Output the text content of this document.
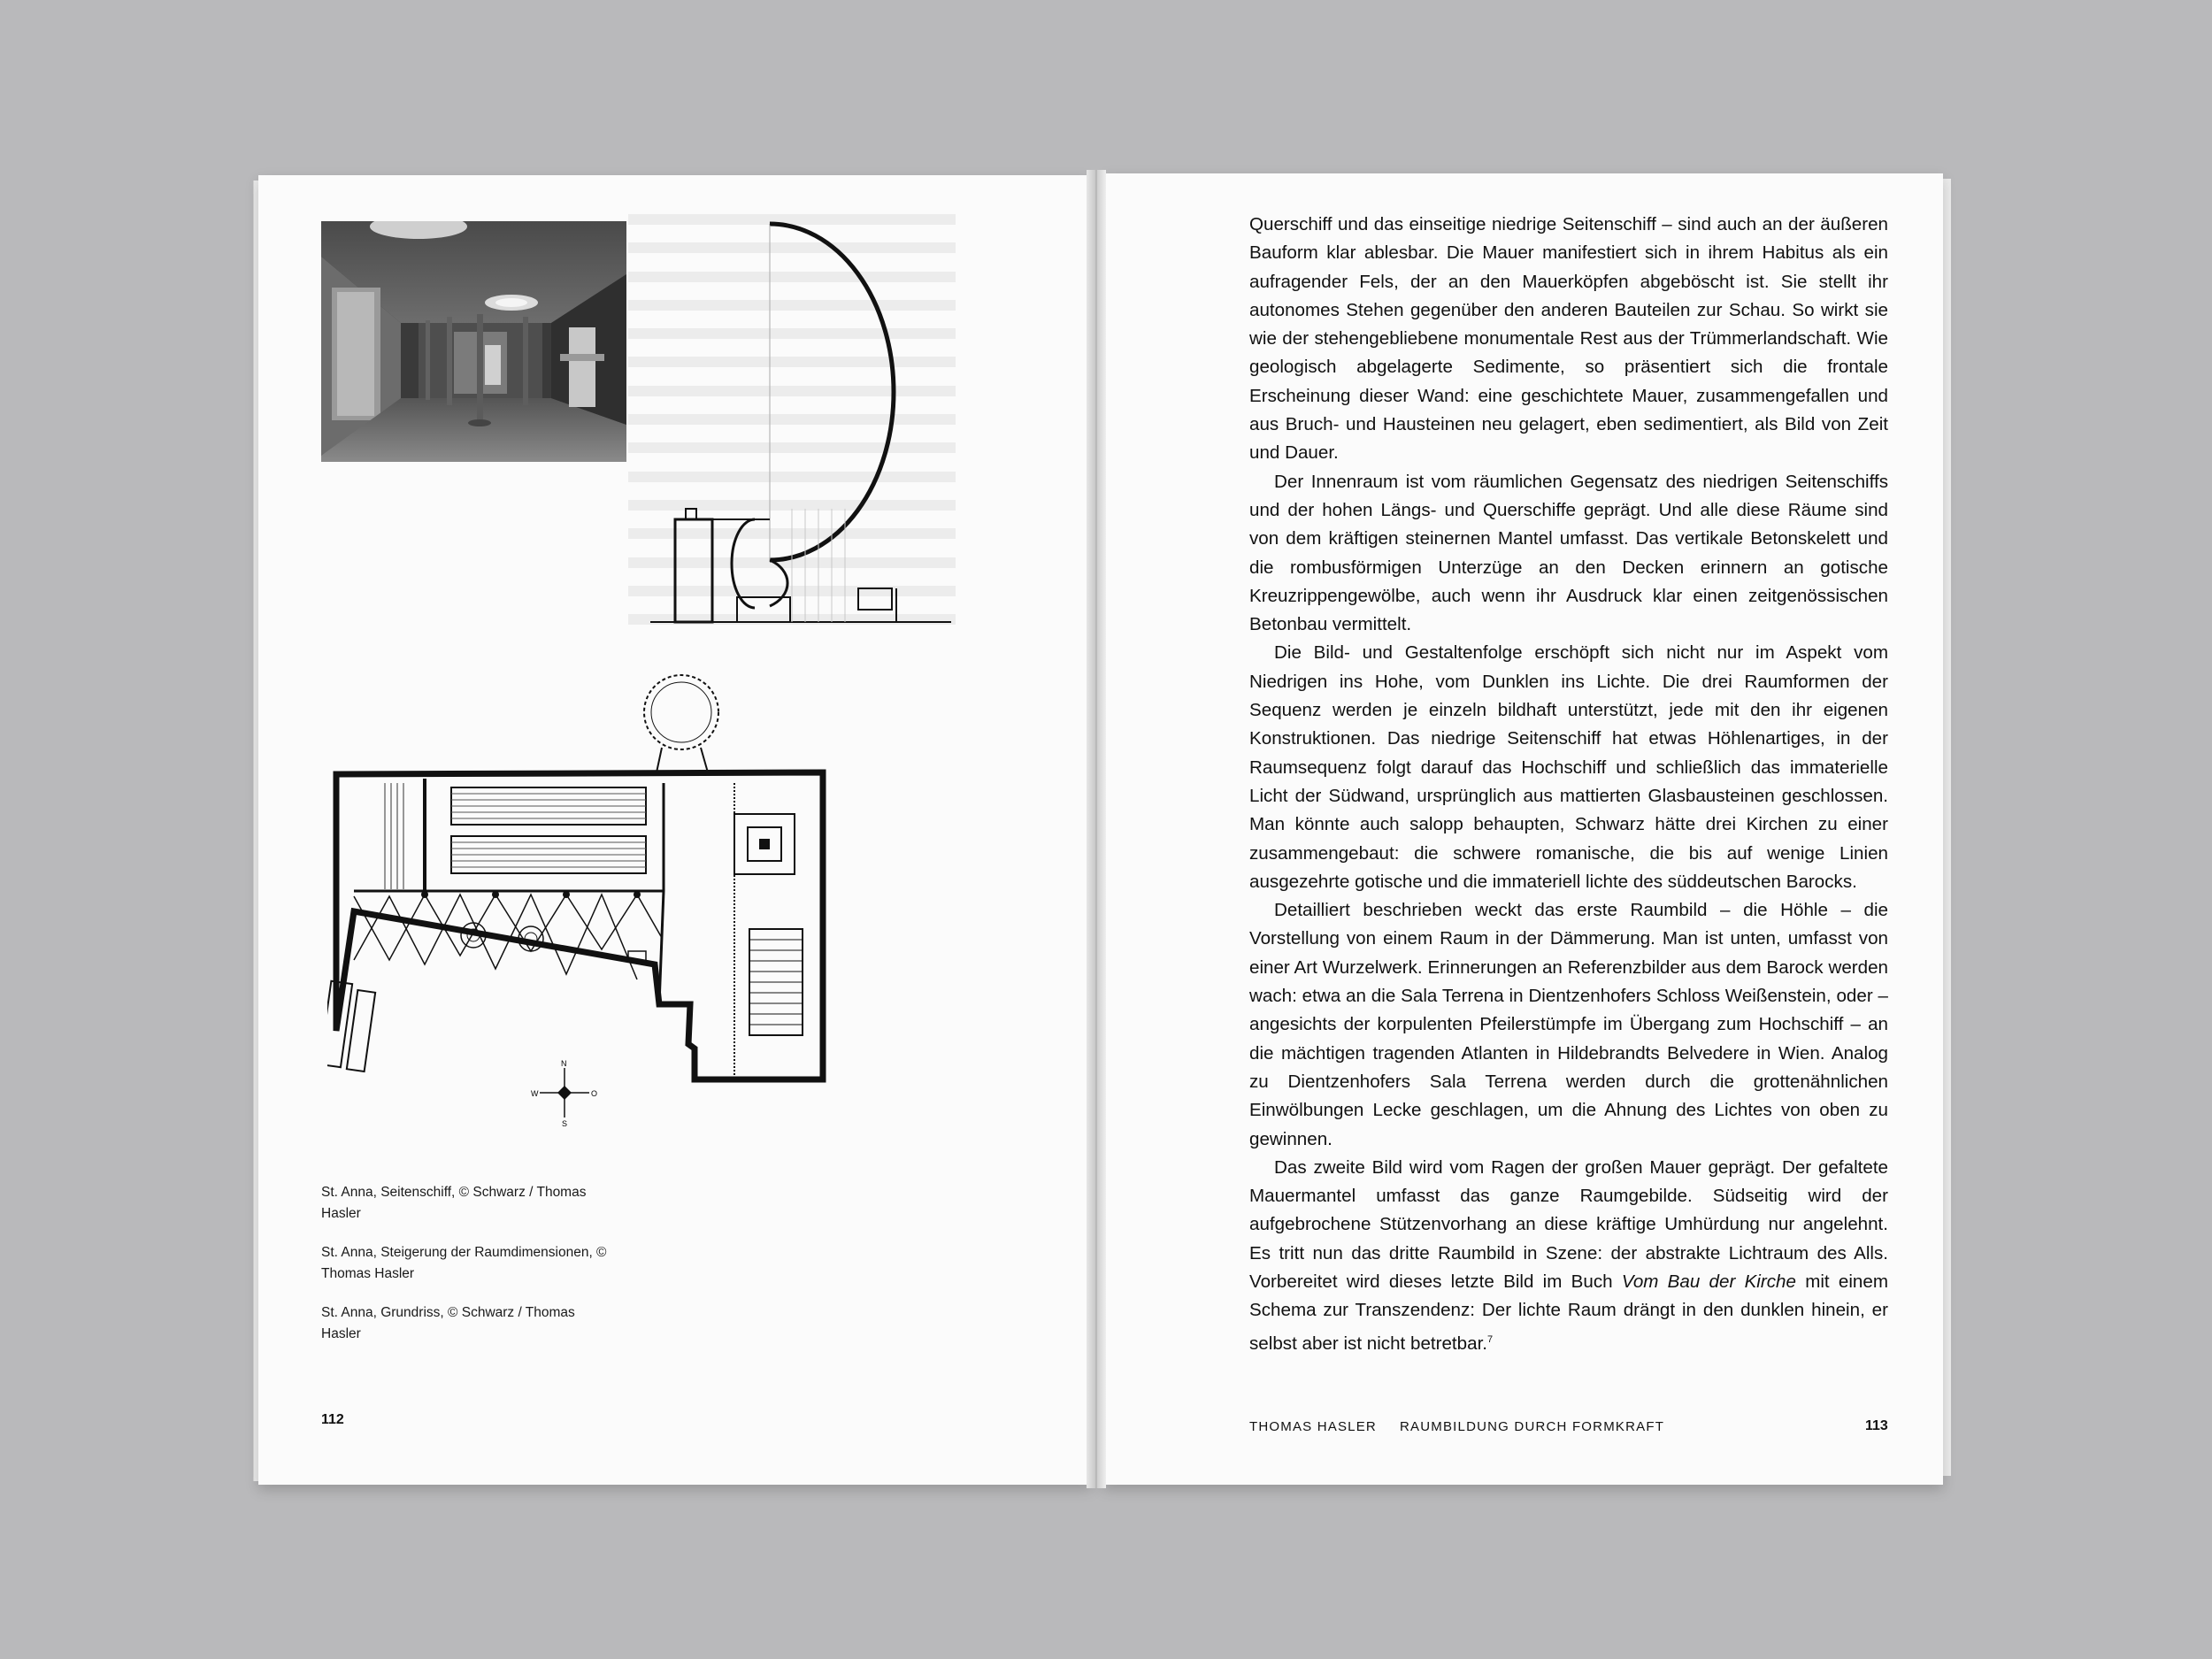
N
W	O
S
St. Anna, Seitenschiff, © Schwarz / Thomas Hasler
St. Anna, Steigerung der Raumdimensionen, © Thomas Hasler
St. Anna, Grundriss, © Schwarz / Thomas Hasler
112

Querschiff und das einseitige niedrige Seitenschiff – sind auch an der äußeren Bauform klar ablesbar. Die Mauer manifestiert sich in ihrem Habitus als ein aufragender Fels, der an den Mauerköpfen abgeböscht ist. Sie stellt ihr autonomes Stehen gegenüber den anderen Bauteilen zur Schau. So wirkt sie wie der stehengebliebene monumentale Rest aus der Trümmerlandschaft. Wie geologisch abgelagerte Sedimente, so präsentiert sich die frontale Erscheinung dieser Wand: eine geschichtete Mauer, zusammengefallen und aus Bruch- und Hausteinen neu gelagert, eben sedimentiert, als Bild von Zeit und Dauer.

Der Innenraum ist vom räumlichen Gegensatz des niedrigen Seitenschiffs und der hohen Längs- und Querschiffe geprägt. Und alle diese Räume sind von dem kräftigen steinernen Mantel umfasst. Das vertikale Betonskelett und die rombusförmigen Unterzüge an den Decken erinnern an gotische Kreuzrippengewölbe, auch wenn ihr Ausdruck klar einen zeitgenössischen Betonbau vermittelt.

Die Bild- und Gestaltenfolge erschöpft sich nicht nur im Aspekt vom Niedrigen ins Hohe, vom Dunklen ins Lichte. Die drei Raumformen der Sequenz werden je einzeln bildhaft unterstützt, jede mit den ihr eigenen Konstruktionen. Das niedrige Seitenschiff hat etwas Höhlenartiges, in der Raumsequenz folgt darauf das Hochschiff und schließlich das immaterielle Licht der Südwand, ursprünglich aus mattierten Glasbausteinen geschlossen. Man könnte auch salopp behaupten, Schwarz hätte drei Kirchen zu einer zusammengebaut: die schwere romanische, die bis auf wenige Linien ausgezehrte gotische und die immateriell lichte des süddeutschen Barocks.

Detailliert beschrieben weckt das erste Raumbild – die Höhle – die Vorstellung von einem Raum in der Dämmerung. Man ist unten, umfasst von einer Art Wurzelwerk. Erinnerungen an Referenzbilder aus dem Barock werden wach: etwa an die Sala Terrena in Dientzenhofers Schloss Weißenstein, oder – angesichts der korpulenten Pfeilerstümpfe im Übergang zum Hochschiff – an die mächtigen tragenden Atlanten in Hildebrandts Belvedere in Wien. Analog zu Dientzenhofers Sala Terrena werden durch die grottenähnlichen Einwölbungen Lecke geschlagen, um die Ahnung des Lichtes von oben zu gewinnen.

Das zweite Bild wird vom Ragen der großen Mauer geprägt. Der gefaltete Mauermantel umfasst das ganze Raumgebilde. Südseitig wird der aufgebrochene Stützenvorhang an diese kräftige Umhürdung nur angelehnt. Es tritt nun das dritte Raumbild in Szene: der abstrakte Lichtraum des Alls. Vorbereitet wird dieses letzte Bild im Buch Vom Bau der Kirche mit einem Schema zur Transzendenz: Der lichte Raum drängt in den dunklen hinein, er selbst aber ist nicht betretbar.$^7$

THOMAS HASLER RAUMBILDUNG DURCH FORMKRAFT	113
